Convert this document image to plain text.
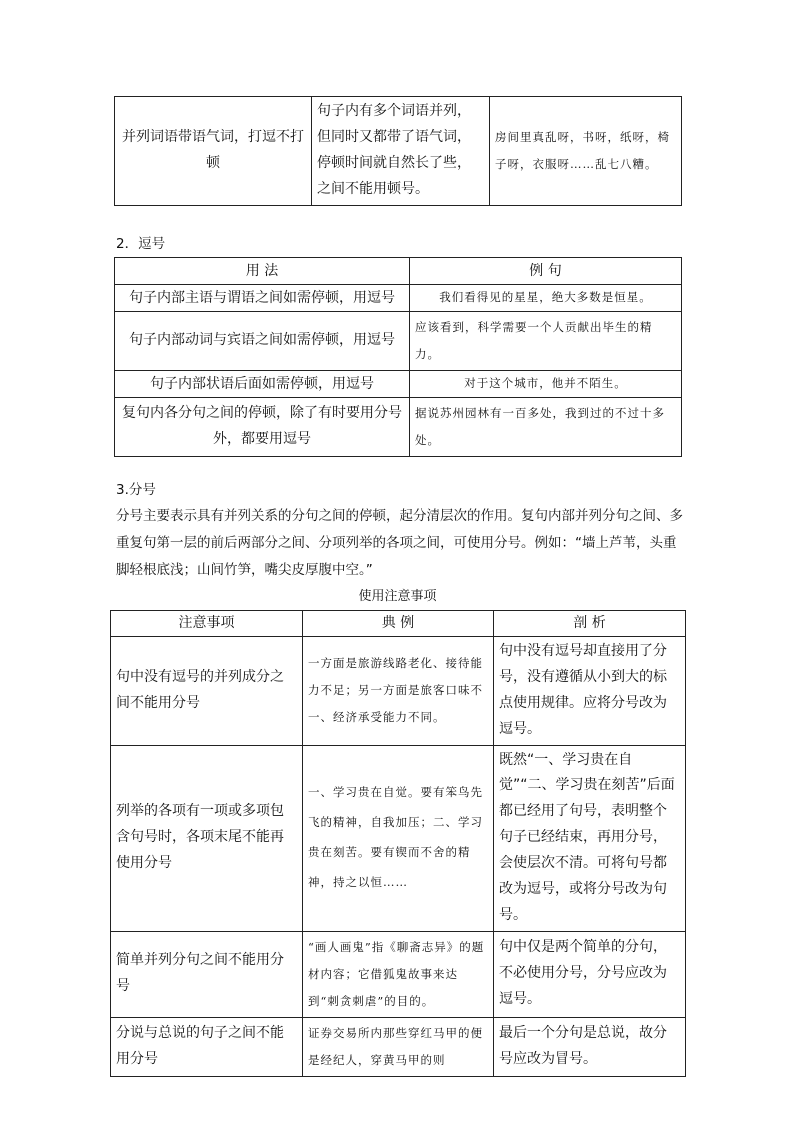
并列词语带语气词，打逗不打顿	句子内有多个词语并列，但同时又都带了语气词，停顿时间就自然长了些，之间不能用顿号。	房间里真乱呀，书呀，纸呀，椅子呀，衣服呀……乱七八糟。

2．逗号

用 法	例 句
句子内部主语与谓语之间如需停顿，用逗号	我们看得见的星星，绝大多数是恒星。
句子内部动词与宾语之间如需停顿，用逗号	应该看到，科学需要一个人贡献出毕生的精力。
句子内部状语后面如需停顿，用逗号	对于这个城市，他并不陌生。
复句内各分句之间的停顿，除了有时要用分号外，都要用逗号	据说苏州园林有一百多处，我到过的不过十多处。

3.分号

分号主要表示具有并列关系的分句之间的停顿，起分清层次的作用。复句内部并列分句之间、多重复句第一层的前后两部分之间、分项列举的各项之间，可使用分号。例如：“墙上芦苇，头重脚轻根底浅；山间竹笋，嘴尖皮厚腹中空。”

使用注意事项

注意事项	典 例	剖 析
句中没有逗号的并列成分之间不能用分号	一方面是旅游线路老化、接待能力不足；另一方面是旅客口味不一、经济承受能力不同。	句中没有逗号却直接用了分号，没有遵循从小到大的标点使用规律。应将分号改为逗号。
列举的各项有一项或多项包含句号时，各项末尾不能再使用分号	一、学习贵在自觉。要有笨鸟先飞的精神，自我加压；二、学习贵在刻苦。要有锲而不舍的精神，持之以恒……	既然“一、学习贵在自觉”“二、学习贵在刻苦”后面都已经用了句号，表明整个句子已经结束，再用分号，会使层次不清。可将句号都改为逗号，或将分号改为句号。
简单并列分句之间不能用分号	“画人画鬼”指《聊斋志异》的题材内容；它借狐鬼故事来达到“刺贪刺虐”的目的。	句中仅是两个简单的分句，不必使用分号，分号应改为逗号。
分说与总说的句子之间不能用分号	证券交易所内那些穿红马甲的便是经纪人，穿黄马甲的则	最后一个分句是总说，故分号应改为冒号。
